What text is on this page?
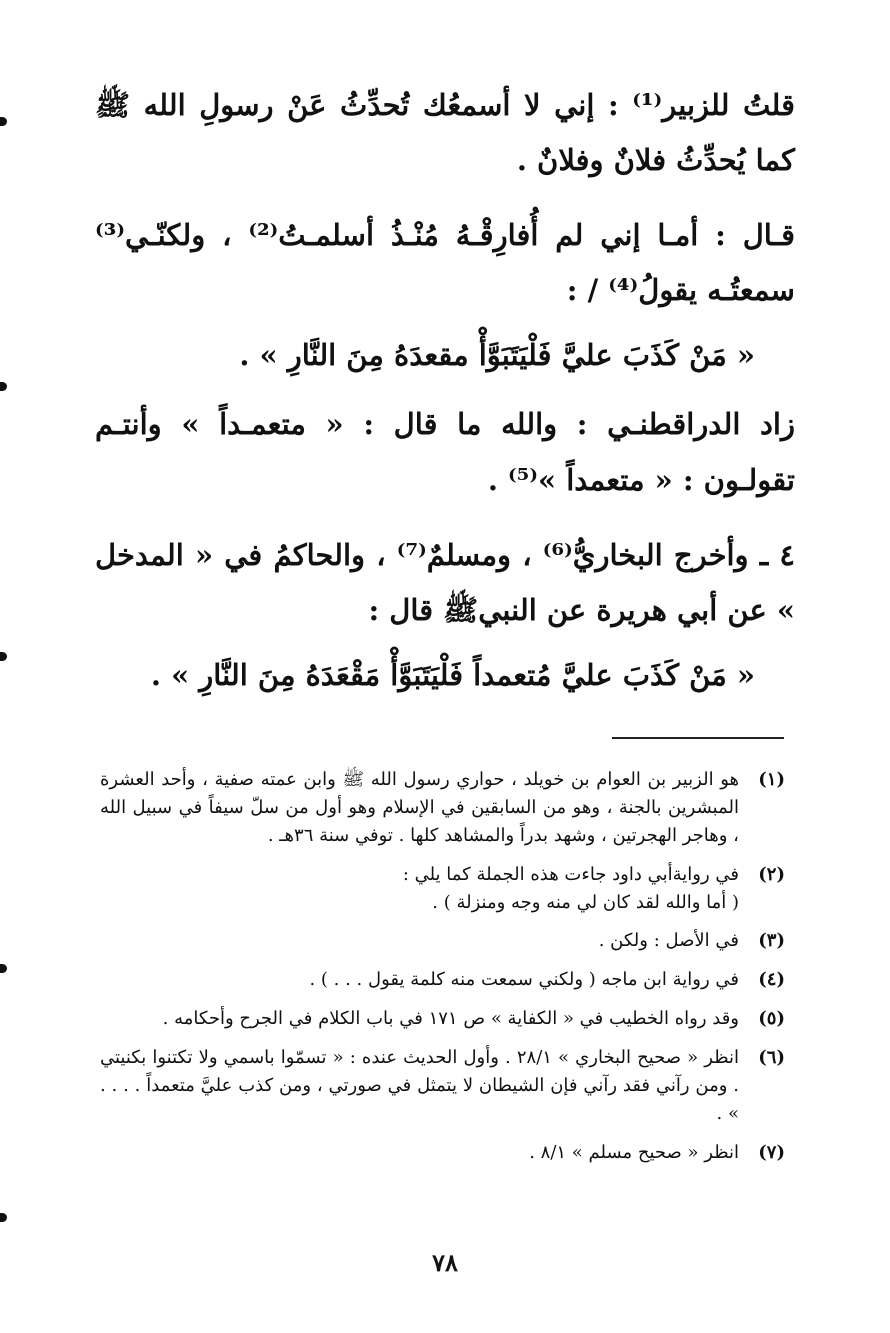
قلتُ للزبير⁽¹⁾ : إني لا أسمعُك تُحدِّثُ عَنْ رسولِ الله ﷺ كما يُحدِّثُ فلانٌ وفلانٌ .

قـال : أمـا إني لم أُفارِقْـهُ مُنْـذُ أسلمـتُ⁽²⁾ ، ولكنّـي⁽³⁾ سمعتُـه يقولُ⁽⁴⁾ / :

« مَنْ كَذَبَ عليَّ فَلْيَتَبَوَّأْ مقعدَهُ مِنَ النَّارِ » .

زاد الدراقطنـي : والله ما قال : « متعمـداً » وأنتـم تقولـون : « متعمداً »⁽⁵⁾ .

٤ ـ وأخرج البخاريُّ⁽⁶⁾ ، ومسلمٌ⁽⁷⁾ ، والحاكمُ في « المدخل » عن أبي هريرة عن النبيﷺ قال :

« مَنْ كَذَبَ عليَّ مُتعمداً فَلْيَتَبَوَّأْ مَقْعَدَهُ مِنَ النَّارِ » .

(١)
هو الزبير بن العوام بن خويلد ، حواري رسول الله ﷺ وابن عمته صفية ، وأحد العشرة المبشرين بالجنة ، وهو من السابقين في الإسلام وهو أول من سلّ سيفاً في سبيل الله ، وهاجر الهجرتين ، وشهد بدراً والمشاهد كلها . توفي سنة ٣٦هـ .
(٢)
في روايةأبي داود جاءت هذه الجملة كما يلي :
( أما والله لقد كان لي منه وجه ومنزلة ) .
(٣)
في الأصل : ولكن .
(٤)
في رواية ابن ماجه ( ولكني سمعت منه كلمة يقول . . . ) .
(٥)
وقد رواه الخطيب في « الكفاية » ص ١٧١ في باب الكلام في الجرح وأحكامه .
(٦)
انظر « صحيح البخاري » ٢٨/١ . وأول الحديث عنده : « تسمّوا باسمي ولا تكتنوا بكنيتي . ومن رآني فقد رآني فإن الشيطان لا يتمثل في صورتي ، ومن كذب عليَّ متعمداً . . . . » .
(٧)
انظر « صحيح مسلم » ٨/١ .
٧٨
